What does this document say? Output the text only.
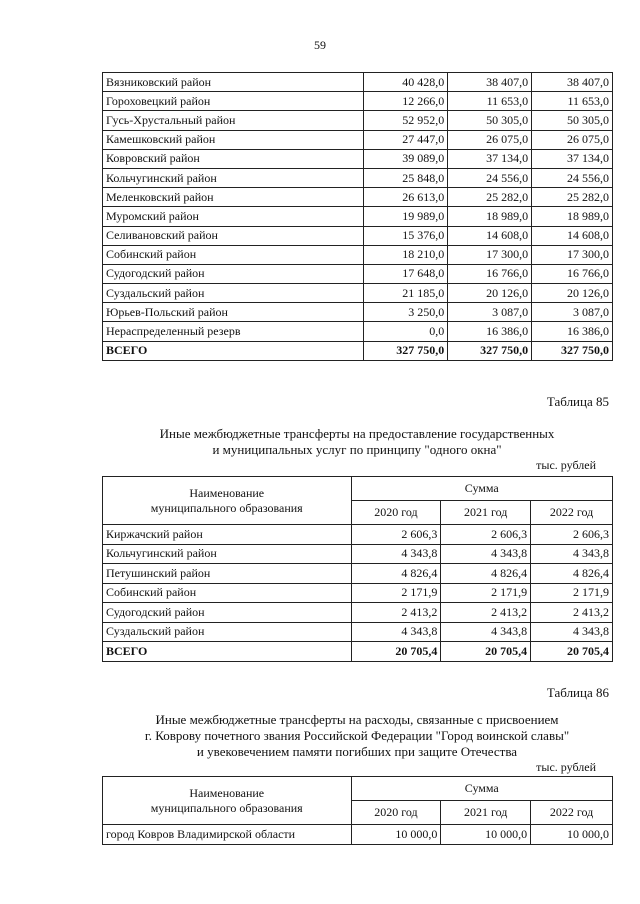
59
Вязниковский район	40 428,0	38 407,0	38 407,0
Гороховецкий район	12 266,0	11 653,0	11 653,0
Гусь-Хрустальный район	52 952,0	50 305,0	50 305,0
Камешковский район	27 447,0	26 075,0	26 075,0
Ковровский район	39 089,0	37 134,0	37 134,0
Кольчугинский район	25 848,0	24 556,0	24 556,0
Меленковский район	26 613,0	25 282,0	25 282,0
Муромский район	19 989,0	18 989,0	18 989,0
Селивановский район	15 376,0	14 608,0	14 608,0
Собинский район	18 210,0	17 300,0	17 300,0
Судогодский район	17 648,0	16 766,0	16 766,0
Суздальский район	21 185,0	20 126,0	20 126,0
Юрьев-Польский район	3 250,0	3 087,0	3 087,0
Нераспределенный резерв	0,0	16 386,0	16 386,0
ВСЕГО	327 750,0	327 750,0	327 750,0
Таблица 85
Иные межбюджетные трансферты на предоставление государственных
и муниципальных услуг по принципу "одного окна"
тыс. рублей
Наименование
муниципального образования	Сумма		
	2020 год	2021 год	2022 год
Киржачский район	2 606,3	2 606,3	2 606,3
Кольчугинский район	4 343,8	4 343,8	4 343,8
Петушинский район	4 826,4	4 826,4	4 826,4
Собинский район	2 171,9	2 171,9	2 171,9
Судогодский район	2 413,2	2 413,2	2 413,2
Суздальский район	4 343,8	4 343,8	4 343,8
ВСЕГО	20 705,4	20 705,4	20 705,4
Таблица 86
Иные межбюджетные трансферты на расходы, связанные с присвоением
г. Коврову почетного звания Российской Федерации "Город воинской славы"
и увековечением памяти погибших при защите Отечества
тыс. рублей
Наименование
муниципального образования	Сумма		
	2020 год	2021 год	2022 год
город Ковров Владимирской области	10 000,0	10 000,0	10 000,0
